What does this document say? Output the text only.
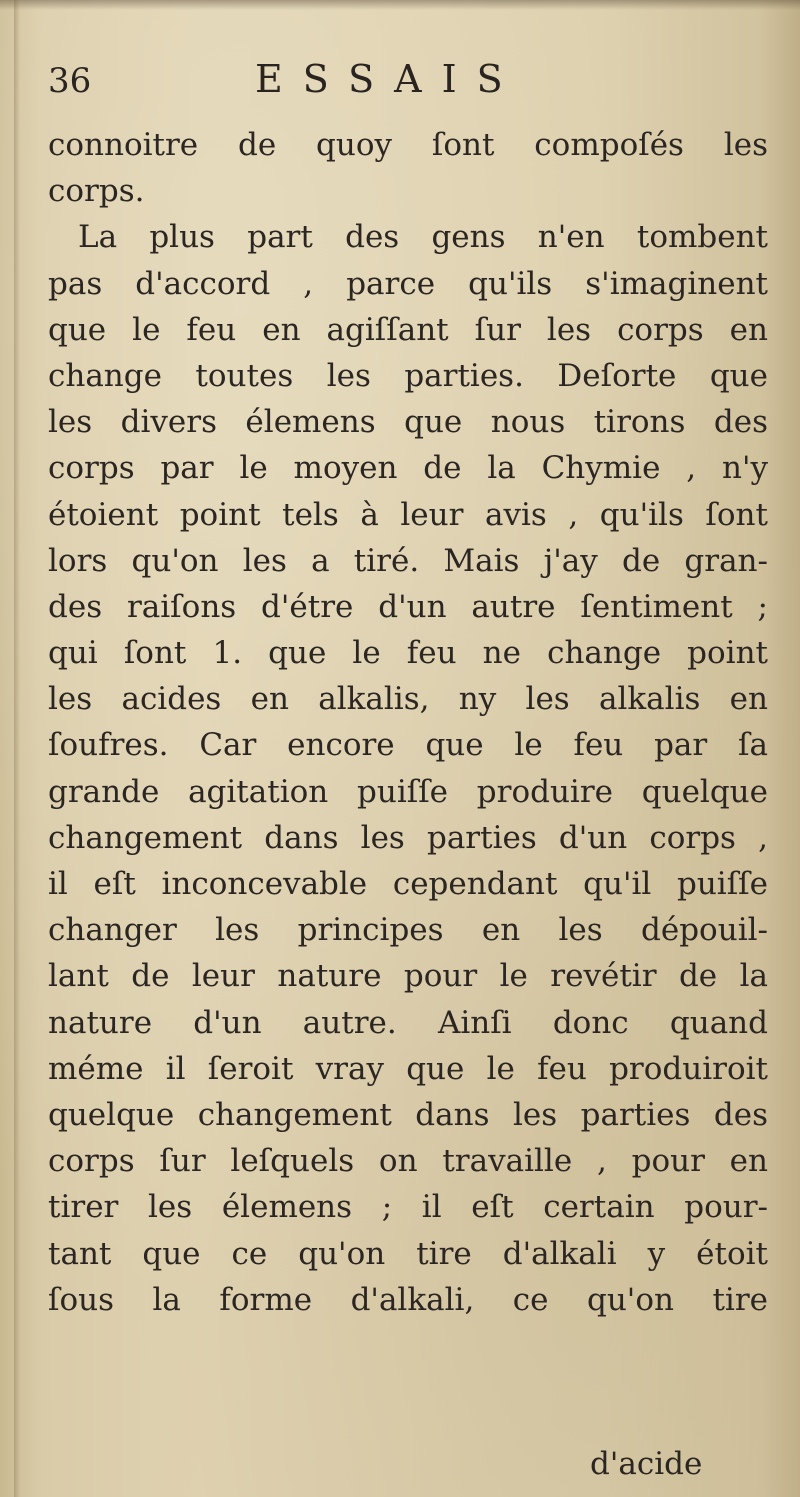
36	ESSAIS
connoitre de quoy ſont compoſés les
corps.
La plus part des gens n'en tombent
pas d'accord , parce qu'ils s'imaginent
que le feu en agiſſant ſur les corps en
change toutes les parties. Deſorte que
les divers élemens que nous tirons des
corps par le moyen de la Chymie , n'y
étoient point tels à leur avis , qu'ils ſont
lors qu'on les a tiré. Mais j'ay de gran-
des raiſons d'étre d'un autre ſentiment ;
qui ſont 1. que le feu ne change point
les acides en alkalis, ny les alkalis en
ſoufres. Car encore que le feu par ſa
grande agitation puiſſe produire quelque
changement dans les parties d'un corps ,
il eſt inconcevable cependant qu'il puiſſe
changer les principes en les dépouil-
lant de leur nature pour le revétir de la
nature d'un autre. Ainſi donc quand
méme il ſeroit vray que le feu produiroit
quelque changement dans les parties des
corps ſur leſquels on travaille , pour en
tirer les élemens ; il eſt certain pour-
tant que ce qu'on tire d'alkali y étoit
ſous la forme d'alkali, ce qu'on tire
d'acide
